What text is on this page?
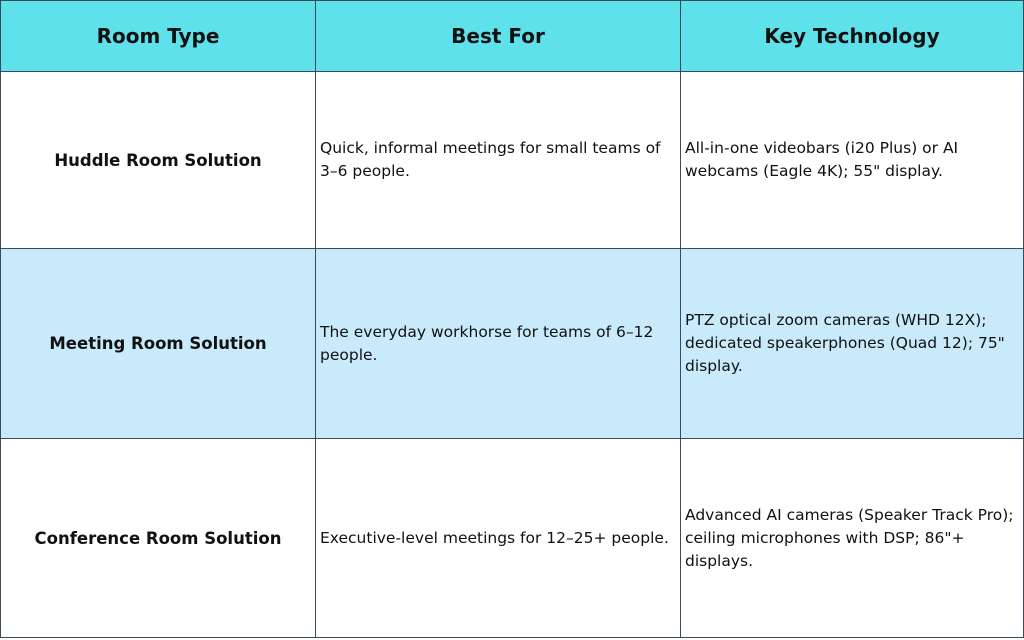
Room Type	Best For	Key Technology
Huddle Room Solution	Quick, informal meetings for small teams of 3–6 people.	All-in-one videobars (i20 Plus) or AI webcams (Eagle 4K); 55" display.
Meeting Room Solution	The everyday workhorse for teams of 6–12 people.	PTZ optical zoom cameras (WHD 12X); dedicated speakerphones (Quad 12); 75" display.
Conference Room Solution	Executive-level meetings for 12–25+ people.	Advanced AI cameras (Speaker Track Pro); ceiling microphones with DSP; 86"+ displays.
